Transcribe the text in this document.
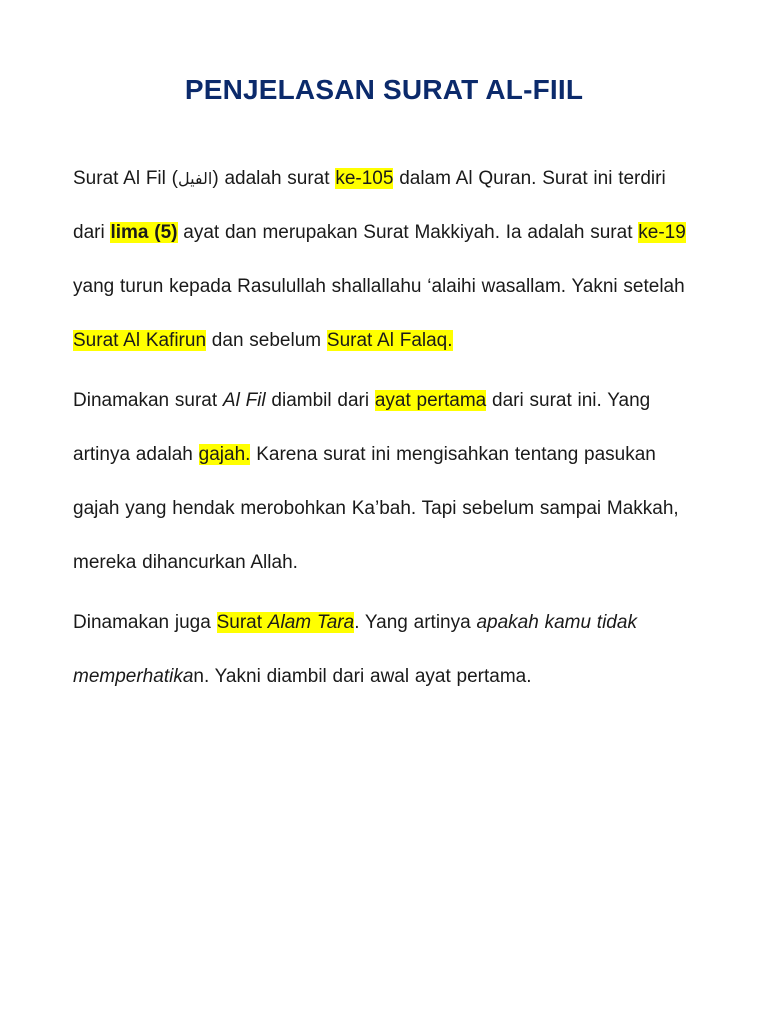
PENJELASAN SURAT AL-FIIL

Surat Al Fil (الفيل) adalah surat ke-105 dalam Al Quran. Surat ini terdiri dari lima (5) ayat dan merupakan Surat Makkiyah. Ia adalah surat ke-19 yang turun kepada Rasulullah shallallahu ‘alaihi wasallam. Yakni setelah Surat Al Kafirun dan sebelum Surat Al Falaq.

Dinamakan surat Al Fil diambil dari ayat pertama dari surat ini. Yang artinya adalah gajah. Karena surat ini mengisahkan tentang pasukan gajah yang hendak merobohkan Ka’bah. Tapi sebelum sampai Makkah, mereka dihancurkan Allah.

Dinamakan juga Surat Alam Tara. Yang artinya apakah kamu tidak memperhatikan. Yakni diambil dari awal ayat pertama.
